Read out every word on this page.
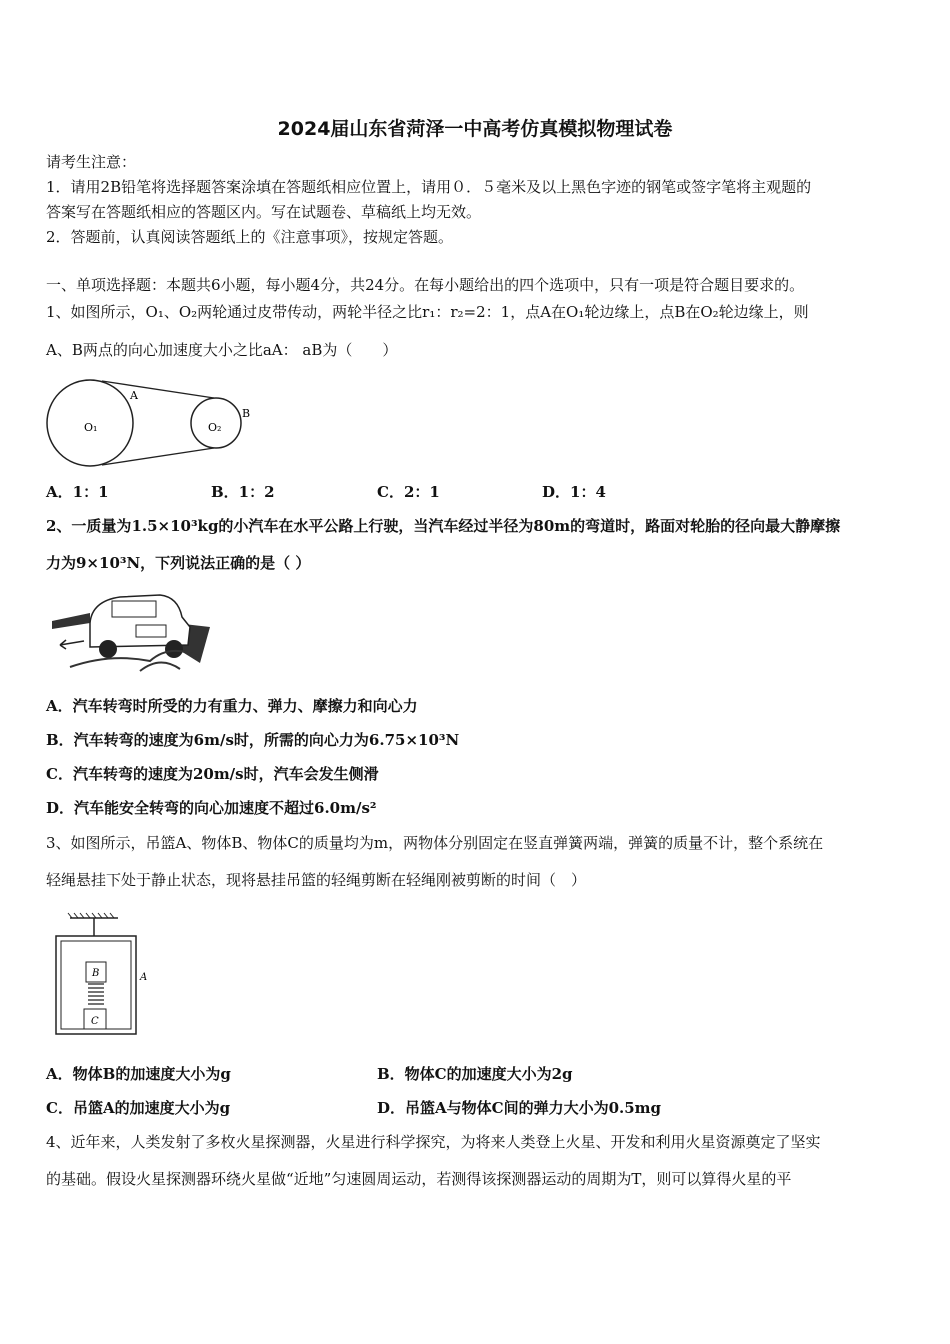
2024届山东省菏泽一中高考仿真模拟物理试卷
请考生注意：
1．请用2B铅笔将选择题答案涂填在答题纸相应位置上，请用０．５毫米及以上黑色字迹的钢笔或签字笔将主观题的
答案写在答题纸相应的答题区内。写在试题卷、草稿纸上均无效。
2．答题前，认真阅读答题纸上的《注意事项》，按规定答题。
一、单项选择题：本题共6小题，每小题4分，共24分。在每小题给出的四个选项中，只有一项是符合题目要求的。
1、如图所示，O₁、O₂两轮通过皮带传动，两轮半径之比r₁：r₂=2：1，点A在O₁轮边缘上，点B在O₂轮边缘上，则
A、B两点的向心加速度大小之比aA： aB为（　　）
A
B
O₁	O₂
A．1：1	B．1：2	C．2：1	D．1：4
2、一质量为1.5×10³kg的小汽车在水平公路上行驶，当汽车经过半径为80m的弯道时，路面对轮胎的径向最大静摩擦
力为9×10³N，下列说法正确的是（ ）
A．汽车转弯时所受的力有重力、弹力、摩擦力和向心力
B．汽车转弯的速度为6m/s时，所需的向心力为6.75×10³N
C．汽车转弯的速度为20m/s时，汽车会发生侧滑
D．汽车能安全转弯的向心加速度不超过6.0m/s²
3、如图所示，吊篮A、物体B、物体C的质量均为m，两物体分别固定在竖直弹簧两端，弹簧的质量不计，整个系统在
轻绳悬挂下处于静止状态，现将悬挂吊篮的轻绳剪断在轻绳刚被剪断的时间（　）
B
C
A
A．物体B的加速度大小为g	B．物体C的加速度大小为2g
C．吊篮A的加速度大小为g	D．吊篮A与物体C间的弹力大小为0.5mg
4、近年来，人类发射了多枚火星探测器，火星进行科学探究，为将来人类登上火星、开发和利用火星资源奠定了坚实
的基础。假设火星探测器环绕火星做“近地”匀速圆周运动，若测得该探测器运动的周期为T，则可以算得火星的平
